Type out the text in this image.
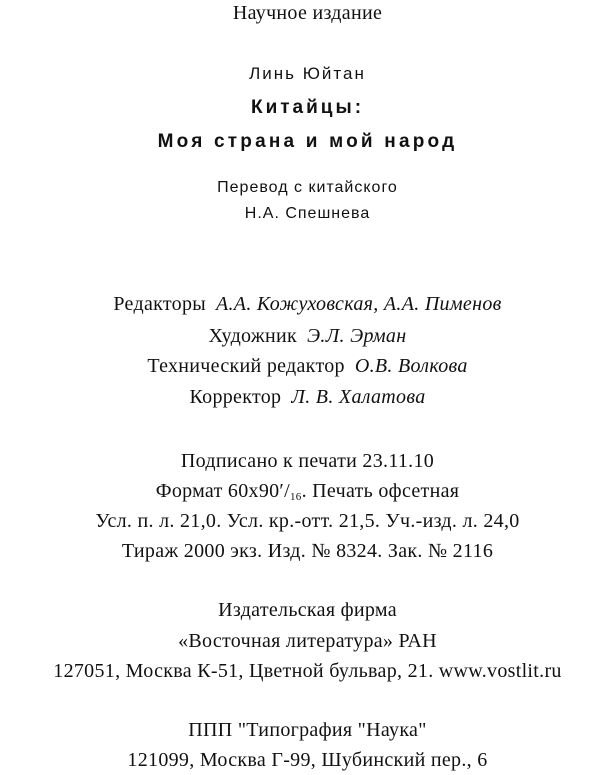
Научное издание
Линь Юйтан
Китайцы:
Моя страна и мой народ
Перевод с китайского
Н.А. Спешнева
Редакторы А.А. Кожуховская, А.А. Пименов
Художник Э.Л. Эрман
Технический редактор О.В. Волкова
Корректор Л. В. Халатова
Подписано к печати 23.11.10
Формат $60x90'/_{16}$. Печать офсетная
Усл. п. л. 21,0. Усл. кр.-отт. 21,5. Уч.-изд. л. 24,0
Тираж 2000 экз. Изд. № 8324. Зак. № 2116
Издательская фирма
«Восточная литература» РАН
127051, Москва К-51, Цветной бульвар, 21. www.vostlit.ru
ППП "Типография "Наука"
121099, Москва Г-99, Шубинский пер., 6
